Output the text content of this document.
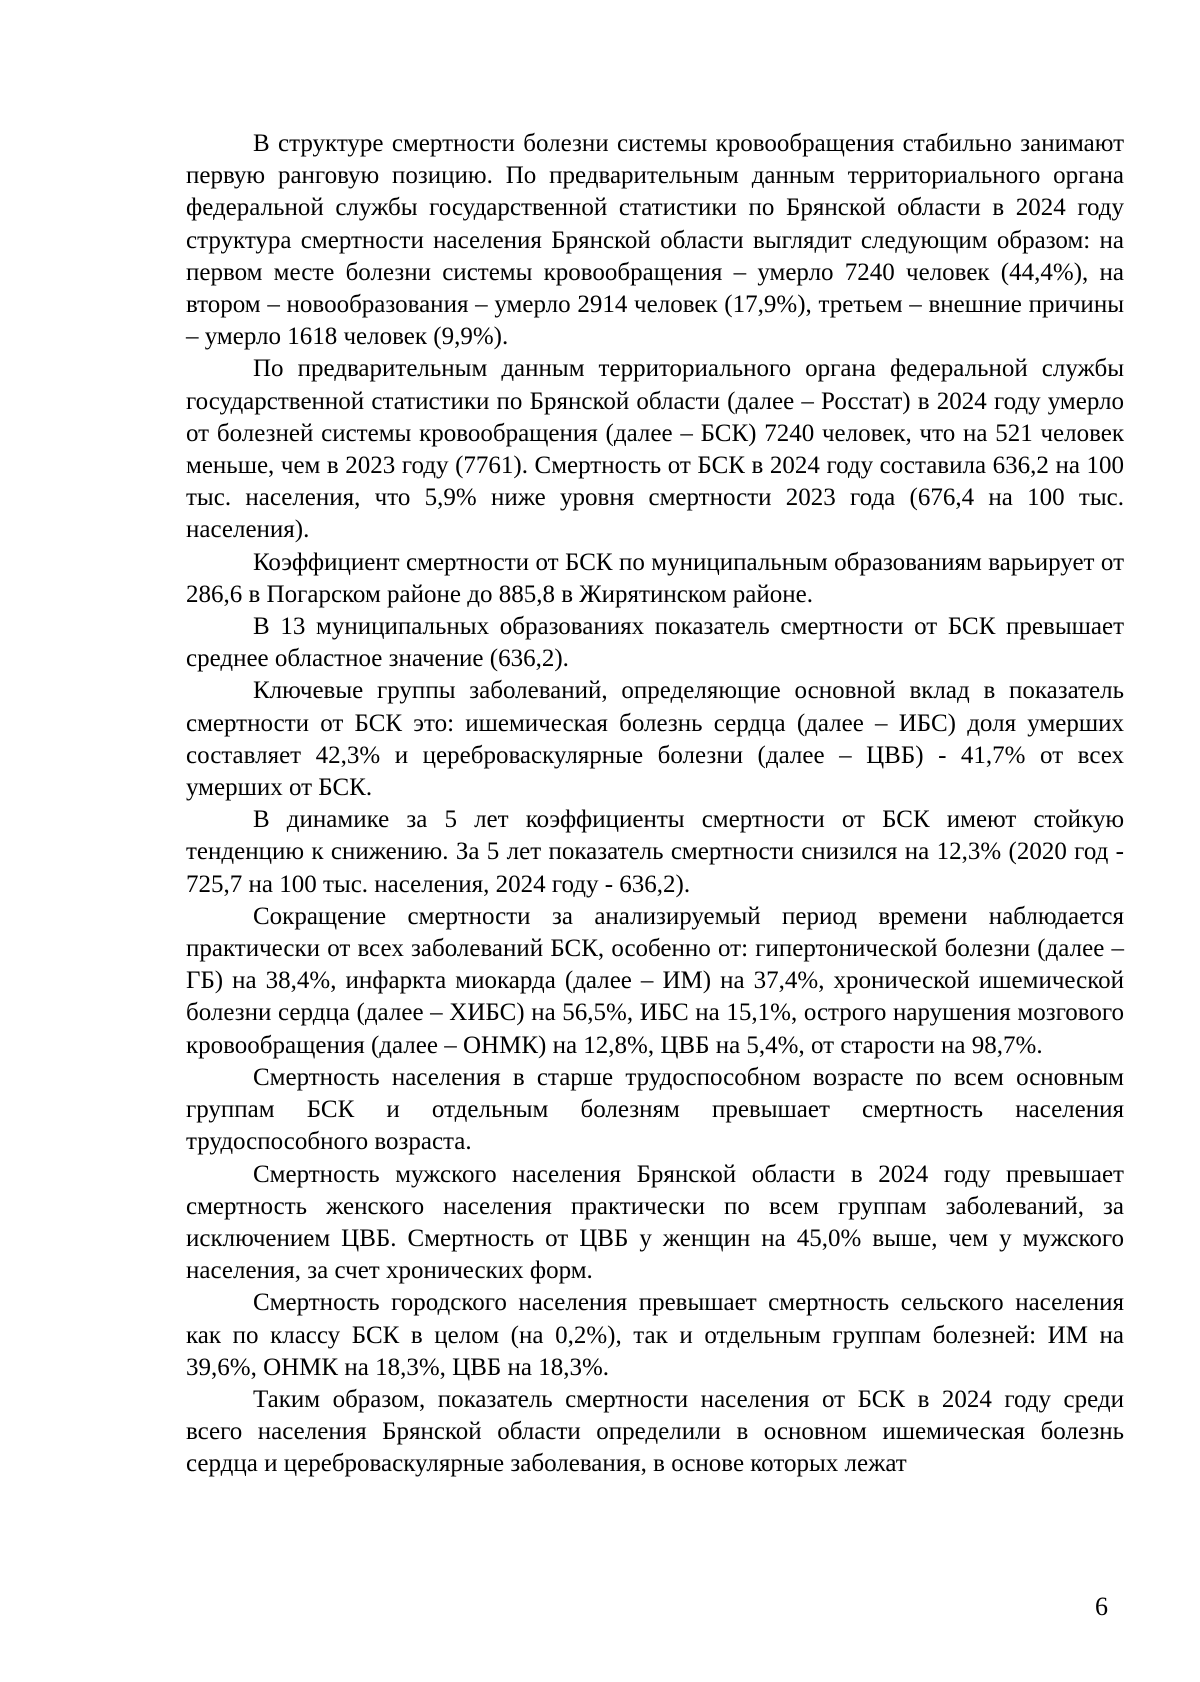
В структуре смертности болезни системы кровообращения стабильно занимают первую ранговую позицию. По предварительным данным территориального органа федеральной службы государственной статистики по Брянской области в 2024 году структура смертности населения Брянской области выглядит следующим образом: на первом месте болезни системы кровообращения – умерло 7240 человек (44,4%), на втором – новообразования – умерло 2914 человек (17,9%), третьем – внешние причины – умерло 1618 человек (9,9%).

По предварительным данным территориального органа федеральной службы государственной статистики по Брянской области (далее – Росстат) в 2024 году умерло от болезней системы кровообращения (далее – БСК) 7240 человек, что на 521 человек меньше, чем в 2023 году (7761). Смертность от БСК в 2024 году составила 636,2 на 100 тыс. населения, что 5,9% ниже уровня смертности 2023 года (676,4 на 100 тыс. населения).

Коэффициент смертности от БСК по муниципальным образованиям варьирует от 286,6 в Погарском районе до 885,8 в Жирятинском районе.

В 13 муниципальных образованиях показатель смертности от БСК превышает среднее областное значение (636,2).

Ключевые группы заболеваний, определяющие основной вклад в показатель смертности от БСК это: ишемическая болезнь сердца (далее – ИБС) доля умерших составляет 42,3% и цереброваскулярные болезни (далее – ЦВБ) - 41,7% от всех умерших от БСК.

В динамике за 5 лет коэффициенты смертности от БСК имеют стойкую тенденцию к снижению. За 5 лет показатель смертности снизился на 12,3% (2020 год - 725,7 на 100 тыс. населения, 2024 году - 636,2).

Сокращение смертности за анализируемый период времени наблюдается практически от всех заболеваний БСК, особенно от: гипертонической болезни (далее – ГБ) на 38,4%, инфаркта миокарда (далее – ИМ) на 37,4%, хронической ишемической болезни сердца (далее – ХИБС) на 56,5%, ИБС на 15,1%, острого нарушения мозгового кровообращения (далее – ОНМК) на 12,8%, ЦВБ на 5,4%, от старости на 98,7%.

Смертность населения в старше трудоспособном возрасте по всем основным группам БСК и отдельным болезням превышает смертность населения трудоспособного возраста.

Смертность мужского населения Брянской области в 2024 году превышает смертность женского населения практически по всем группам заболеваний, за исключением ЦВБ. Смертность от ЦВБ у женщин на 45,0% выше, чем у мужского населения, за счет хронических форм.

Смертность городского населения превышает смертность сельского населения как по классу БСК в целом (на 0,2%), так и отдельным группам болезней: ИМ на 39,6%, ОНМК на 18,3%, ЦВБ на 18,3%.

Таким образом, показатель смертности населения от БСК в 2024 году среди всего населения Брянской области определили в основном ишемическая болезнь сердца и цереброваскулярные заболевания, в основе которых лежат

6
